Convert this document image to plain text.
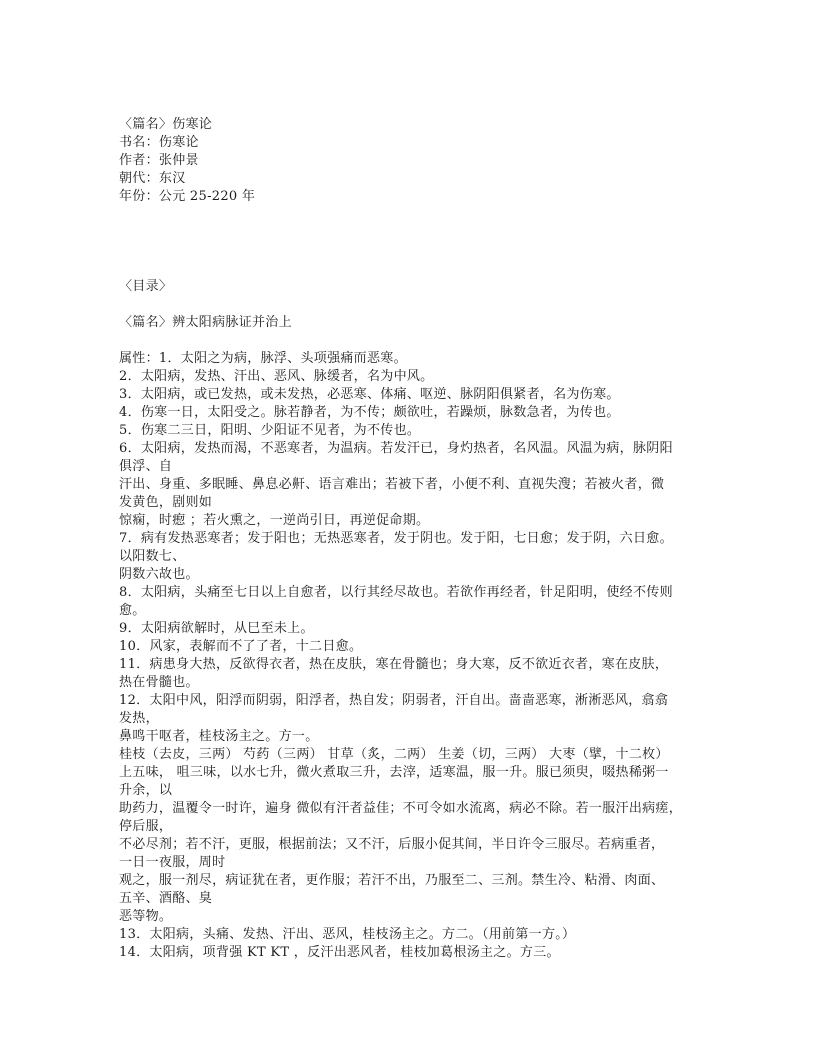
〈篇名〉伤寒论
书名：伤寒论
作者：张仲景
朝代：东汉
年份：公元 25-220 年
〈目录〉
〈篇名〉辨太阳病脉证并治上
属性：1．太阳之为病，脉浮、头项强痛而恶寒。
2．太阳病，发热、汗出、恶风、脉缓者，名为中风。
3．太阳病，或已发热，或未发热，必恶寒、体痛、呕逆、脉阴阳俱紧者，名为伤寒。
4．伤寒一日，太阳受之。脉若静者，为不传；颇欲吐，若躁烦，脉数急者，为传也。
5．伤寒二三日，阳明、少阳证不见者，为不传也。
6．太阳病，发热而渴，不恶寒者，为温病。若发汗已，身灼热者，名风温。风温为病，脉阴阳
俱浮、自
汗出、身重、多眠睡、鼻息必鼾、语言难出；若被下者，小便不利、直视失溲；若被火者，微
发黄色，剧则如
惊痫，时瘛 ；若火熏之，一逆尚引日，再逆促命期。
7．病有发热恶寒者；发于阳也；无热恶寒者，发于阴也。发于阳，七日愈；发于阴，六日愈。
以阳数七、
阴数六故也。
8．太阳病，头痛至七日以上自愈者，以行其经尽故也。若欲作再经者，针足阳明，使经不传则
愈。
9．太阳病欲解时，从巳至未上。
10．风家，表解而不了了者，十二日愈。
11．病患身大热，反欲得衣者，热在皮肤，寒在骨髓也；身大寒，反不欲近衣者，寒在皮肤，
热在骨髓也。
12．太阳中风，阳浮而阴弱，阳浮者，热自发；阴弱者，汗自出。啬啬恶寒，淅淅恶风，翕翕
发热，
鼻鸣干呕者，桂枝汤主之。方一。
桂枝（去皮，三两） 芍药（三两） 甘草（炙，二两） 生姜（切，三两） 大枣（擘，十二枚）
上五味， 咀三味，以水七升，微火煮取三升，去滓，适寒温，服一升。服已须臾，啜热稀粥一
升余，以
助药力，温覆令一时许，遍身 微似有汗者益佳；不可令如水流离，病必不除。若一服汗出病瘥，
停后服，
不必尽剂；若不汗，更服，根据前法；又不汗，后服小促其间，半日许令三服尽。若病重者，
一日一夜服，周时
观之，服一剂尽，病证犹在者，更作服；若汗不出，乃服至二、三剂。禁生冷、粘滑、肉面、
五辛、酒酪、臭
恶等物。
13．太阳病，头痛、发热、汗出、恶风，桂枝汤主之。方二。（用前第一方。）
14．太阳病，项背强 KT KT ，反汗出恶风者，桂枝加葛根汤主之。方三。
